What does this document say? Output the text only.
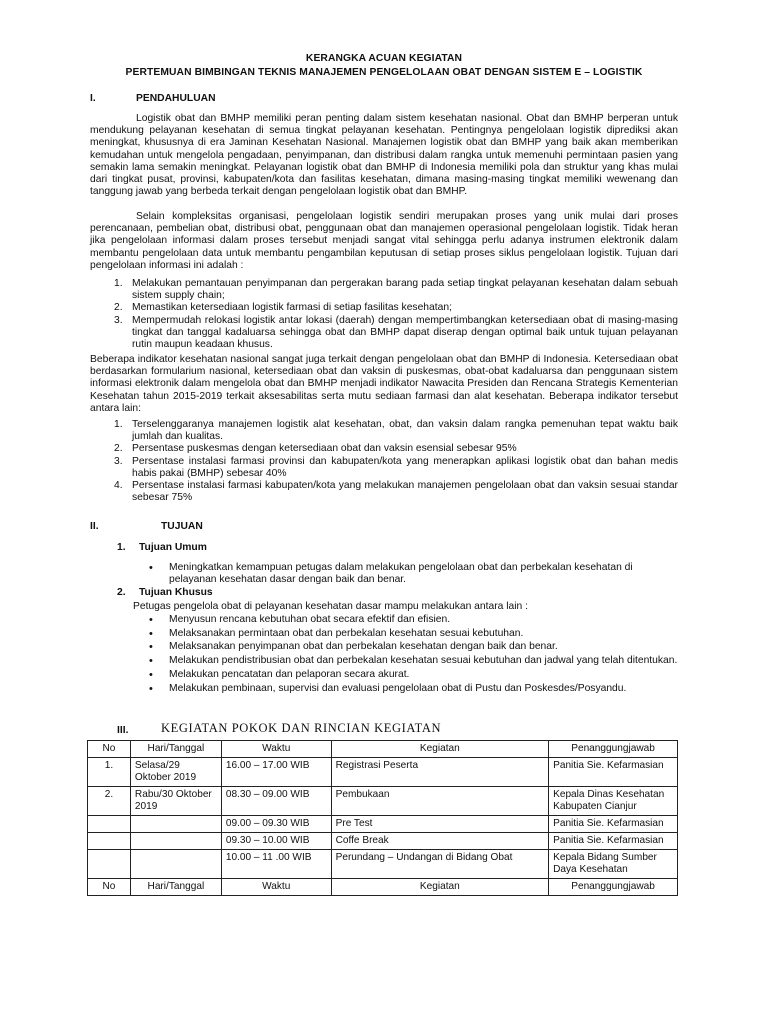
KERANGKA ACUAN KEGIATAN
PERTEMUAN BIMBINGAN TEKNIS MANAJEMEN PENGELOLAAN OBAT DENGAN SISTEM E – LOGISTIK
I.	PENDAHULUAN

Logistik obat dan BMHP memiliki peran penting dalam sistem kesehatan nasional. Obat dan BMHP berperan untuk mendukung pelayanan kesehatan di semua tingkat pelayanan kesehatan. Pentingnya pengelolaan logistik diprediksi akan meningkat, khususnya di era Jaminan Kesehatan Nasional. Manajemen logistik obat dan BMHP yang baik akan memberikan kemudahan untuk mengelola pengadaan, penyimpanan, dan distribusi dalam rangka untuk memenuhi permintaan pasien yang semakin lama semakin meningkat. Pelayanan logistik obat dan BMHP di Indonesia memiliki pola dan struktur yang khas mulai dari tingkat pusat, provinsi, kabupaten/kota dan fasilitas kesehatan, dimana masing-masing tingkat memiliki wewenang dan tanggung jawab yang berbeda terkait dengan pengelolaan logistik obat dan BMHP.

Selain kompleksitas organisasi, pengelolaan logistik sendiri merupakan proses yang unik mulai dari proses perencanaan, pembelian obat, distribusi obat, penggunaan obat dan manajemen operasional pengelolaan logistik. Tidak heran jika pengelolaan informasi dalam proses tersebut menjadi sangat vital sehingga perlu adanya instrumen elektronik dalam membantu pengelolaan data untuk membantu pengambilan keputusan di setiap proses siklus pengelolaan logistik. Tujuan dari pengelolaan informasi ini adalah :

1. Melakukan pemantauan penyimpanan dan pergerakan barang pada setiap tingkat pelayanan kesehatan dalam sebuah sistem supply chain;
2. Memastikan ketersediaan logistik farmasi di setiap fasilitas kesehatan;
3. Mempermudah relokasi logistik antar lokasi (daerah) dengan mempertimbangkan ketersediaan obat di masing-masing tingkat dan tanggal kadaluarsa sehingga obat dan BMHP dapat diserap dengan optimal baik untuk tujuan pelayanan rutin maupun keadaan khusus.

Beberapa indikator kesehatan nasional sangat juga terkait dengan pengelolaan obat dan BMHP di Indonesia. Ketersediaan obat berdasarkan formularium nasional, ketersediaan obat dan vaksin di puskesmas, obat-obat kadaluarsa dan penggunaan sistem informasi elektronik dalam mengelola obat dan BMHP menjadi indikator Nawacita Presiden dan Rencana Strategis Kementerian Kesehatan tahun 2015-2019 terkait aksesabilitas serta mutu sediaan farmasi dan alat kesehatan. Beberapa indikator tersebut antara lain:

1. Terselenggaranya manajemen logistik alat kesehatan, obat, dan vaksin dalam rangka pemenuhan tepat waktu baik jumlah dan kualitas.
2. Persentase puskesmas dengan ketersediaan obat dan vaksin esensial sebesar 95%
3. Persentase instalasi farmasi provinsi dan kabupaten/kota yang menerapkan aplikasi logistik obat dan bahan medis habis pakai (BMHP) sebesar 40%
4. Persentase instalasi farmasi kabupaten/kota yang melakukan manajemen pengelolaan obat dan vaksin sesuai standar sebesar 75%
II.	TUJUAN
1. Tujuan Umum
• Meningkatkan kemampuan petugas dalam melakukan pengelolaan obat dan perbekalan kesehatan di pelayanan kesehatan dasar dengan baik dan benar.
2. Tujuan Khusus
Petugas pengelola obat di pelayanan kesehatan dasar mampu melakukan antara lain :
• Menyusun rencana kebutuhan obat secara efektif dan efisien.
• Melaksanakan permintaan obat dan perbekalan kesehatan sesuai kebutuhan.
• Melaksanakan penyimpanan obat dan perbekalan kesehatan dengan baik dan benar.
• Melakukan pendistribusian obat dan perbekalan kesehatan sesuai kebutuhan dan jadwal yang telah ditentukan.
• Melakukan pencatatan dan pelaporan secara akurat.
• Melakukan pembinaan, supervisi dan evaluasi pengelolaan obat di Pustu dan Poskesdes/Posyandu.
III.	KEGIATAN POKOK DAN RINCIAN KEGIATAN
No	Hari/Tanggal	Waktu	Kegiatan	Penanggungjawab
1.	Selasa/29 Oktober 2019	16.00 – 17.00 WIB	Registrasi Peserta	Panitia Sie. Kefarmasian
2.	Rabu/30 Oktober 2019	08.30 – 09.00 WIB	Pembukaan	Kepala Dinas Kesehatan Kabupaten Cianjur
		09.00 – 09.30 WIB	Pre Test	Panitia Sie. Kefarmasian
		09.30 – 10.00 WIB	Coffe Break	Panitia Sie. Kefarmasian
		10.00 – 11 .00 WIB	Perundang – Undangan di Bidang Obat	Kepala Bidang Sumber Daya Kesehatan
No	Hari/Tanggal	Waktu	Kegiatan	Penanggungjawab
